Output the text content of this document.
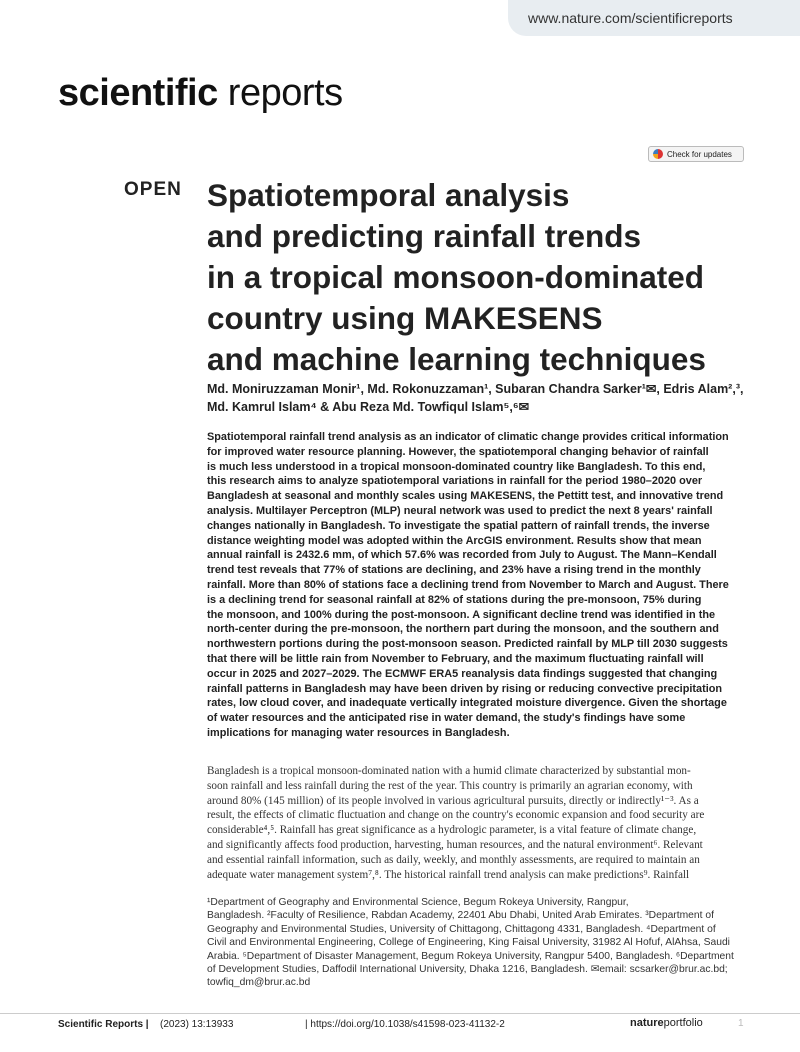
www.nature.com/scientificreports
scientific reports
Check for updates
OPEN Spatiotemporal analysis
and predicting rainfall trends
in a tropical monsoon-dominated
country using MAKESENS
and machine learning techniques
Md. Moniruzzaman Monir¹, Md. Rokonuzzaman¹, Subaran Chandra Sarker¹✉, Edris Alam²,³,
Md. Kamrul Islam⁴ & Abu Reza Md. Towfiqul Islam⁵,⁶✉
Spatiotemporal rainfall trend analysis as an indicator of climatic change provides critical information
for improved water resource planning. However, the spatiotemporal changing behavior of rainfall
is much less understood in a tropical monsoon-dominated country like Bangladesh. To this end,
this research aims to analyze spatiotemporal variations in rainfall for the period 1980–2020 over
Bangladesh at seasonal and monthly scales using MAKESENS, the Pettitt test, and innovative trend
analysis. Multilayer Perceptron (MLP) neural network was used to predict the next 8 years' rainfall
changes nationally in Bangladesh. To investigate the spatial pattern of rainfall trends, the inverse
distance weighting model was adopted within the ArcGIS environment. Results show that mean
annual rainfall is 2432.6 mm, of which 57.6% was recorded from July to August. The Mann–Kendall
trend test reveals that 77% of stations are declining, and 23% have a rising trend in the monthly
rainfall. More than 80% of stations face a declining trend from November to March and August. There
is a declining trend for seasonal rainfall at 82% of stations during the pre-monsoon, 75% during
the monsoon, and 100% during the post-monsoon. A significant decline trend was identified in the
north-center during the pre-monsoon, the northern part during the monsoon, and the southern and
northwestern portions during the post-monsoon season. Predicted rainfall by MLP till 2030 suggests
that there will be little rain from November to February, and the maximum fluctuating rainfall will
occur in 2025 and 2027–2029. The ECMWF ERA5 reanalysis data findings suggested that changing
rainfall patterns in Bangladesh may have been driven by rising or reducing convective precipitation
rates, low cloud cover, and inadequate vertically integrated moisture divergence. Given the shortage
of water resources and the anticipated rise in water demand, the study's findings have some
implications for managing water resources in Bangladesh.
Bangladesh is a tropical monsoon-dominated nation with a humid climate characterized by substantial mon-
soon rainfall and less rainfall during the rest of the year. This country is primarily an agrarian economy, with
around 80% (145 million) of its people involved in various agricultural pursuits, directly or indirectly¹⁻³. As a
result, the effects of climatic fluctuation and change on the country's economic expansion and food security are
considerable⁴,⁵. Rainfall has great significance as a hydrologic parameter, is a vital feature of climate change,
and significantly affects food production, harvesting, human resources, and the natural environment⁶. Relevant
and essential rainfall information, such as daily, weekly, and monthly assessments, are required to maintain an
adequate water management system⁷,⁸. The historical rainfall trend analysis can make predictions⁹. Rainfall
¹Department of Geography and Environmental Science, Begum Rokeya University, Rangpur,
Bangladesh. ²Faculty of Resilience, Rabdan Academy, 22401 Abu Dhabi, United Arab Emirates. ³Department of
Geography and Environmental Studies, University of Chittagong, Chittagong 4331, Bangladesh. ⁴Department of
Civil and Environmental Engineering, College of Engineering, King Faisal University, 31982 Al Hofuf, AlAhsa, Saudi
Arabia. ⁵Department of Disaster Management, Begum Rokeya University, Rangpur 5400, Bangladesh. ⁶Department
of Development Studies, Daffodil International University, Dhaka 1216, Bangladesh. ✉email: scsarker@brur.ac.bd;
towfiq_dm@brur.ac.bd
Scientific Reports | (2023) 13:13933	| https://doi.org/10.1038/s41598-023-41132-2	natureportfolio	1
